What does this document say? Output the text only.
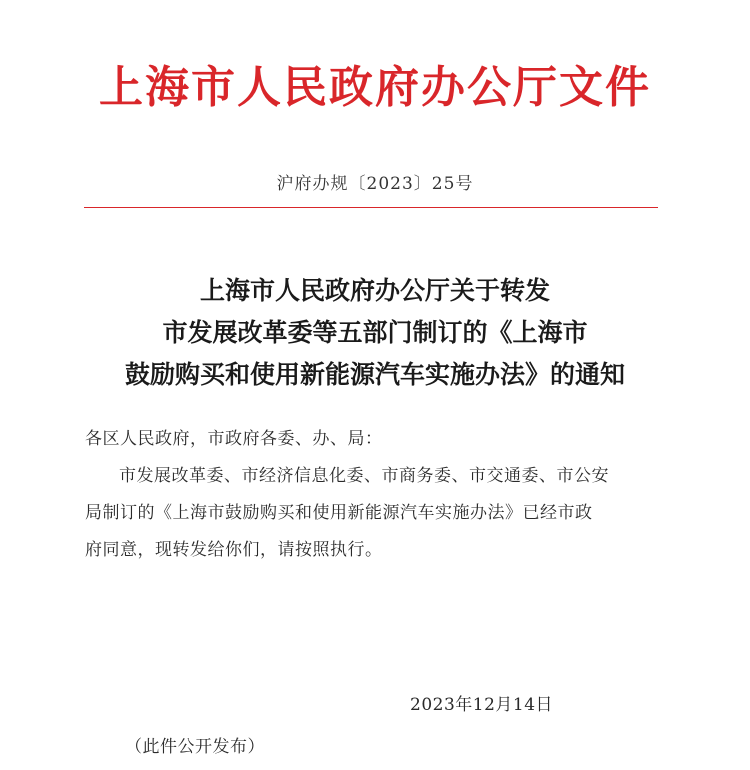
上海市人民政府办公厅文件
沪府办规〔2023〕25号
上海市人民政府办公厅关于转发
市发展改革委等五部门制订的《上海市
鼓励购买和使用新能源汽车实施办法》的通知
各区人民政府，市政府各委、办、局：
市发展改革委、市经济信息化委、市商务委、市交通委、市公安
局制订的《上海市鼓励购买和使用新能源汽车实施办法》已经市政
府同意，现转发给你们，请按照执行。
2023年12月14日
（此件公开发布）
